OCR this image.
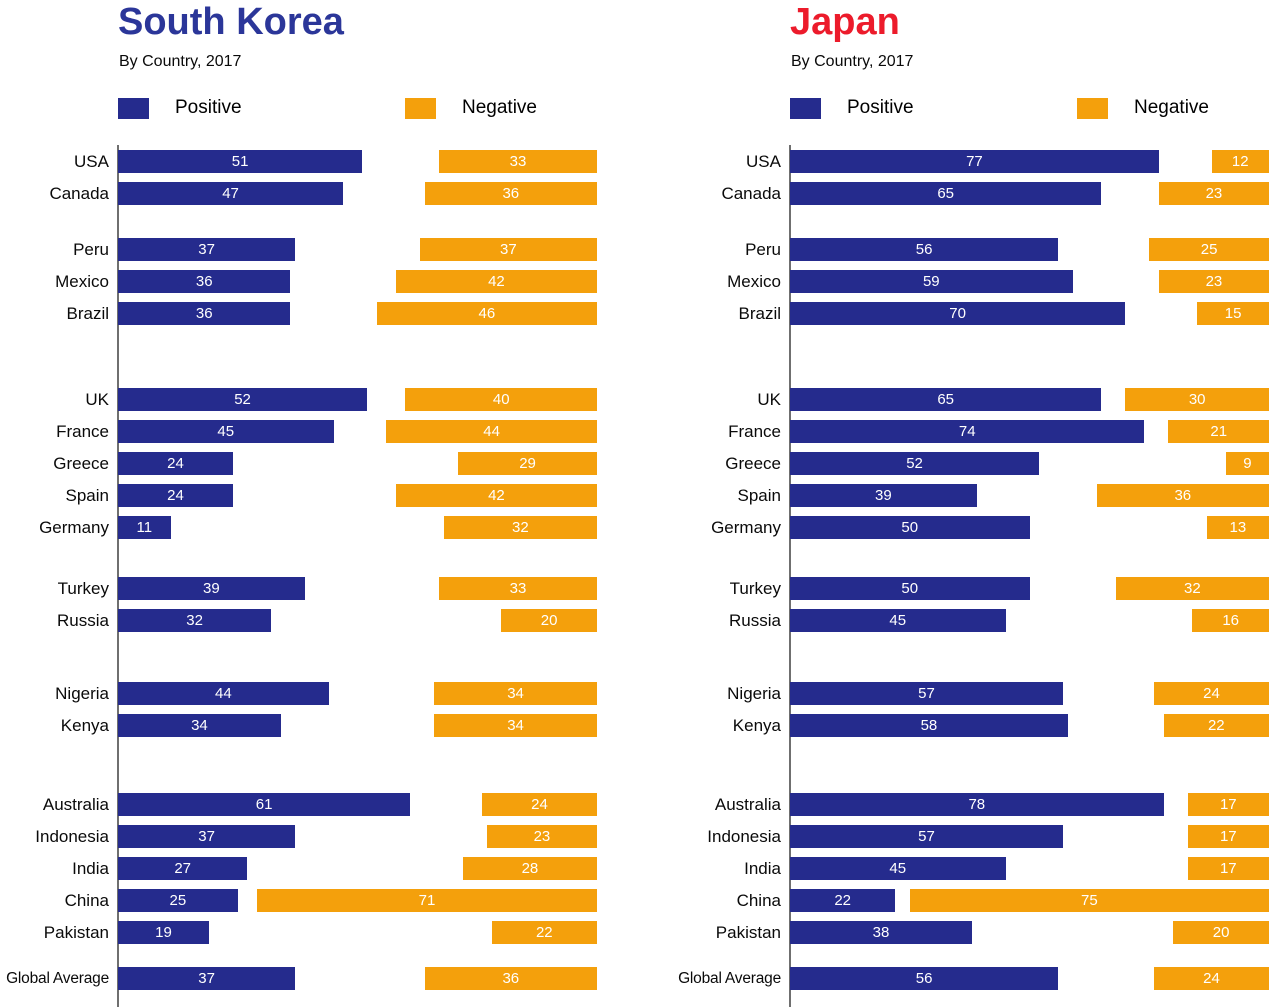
South Korea
By Country, 2017
Positive	Negative
USA	51	33
Canada	47	36
Peru	37	37
Mexico	36	42
Brazil	36	46
UK	52	40
France	45	44
Greece	24	29
Spain	24	42
Germany	11	32
Turkey	39	33
Russia	32	20
Nigeria	44	34
Kenya	34	34
Australia	61	24
Indonesia	37	23
India	27	28
China	25	71
Pakistan	19	22
Global Average	37	36
Japan
By Country, 2017
Positive	Negative
USA	77	12
Canada	65	23
Peru	56	25
Mexico	59	23
Brazil	70	15
UK	65	30
France	74	21
Greece	52	9
Spain	39	36
Germany	50	13
Turkey	50	32
Russia	45	16
Nigeria	57	24
Kenya	58	22
Australia	78	17
Indonesia	57	17
India	45	17
China	22	75
Pakistan	38	20
Global Average	56	24
